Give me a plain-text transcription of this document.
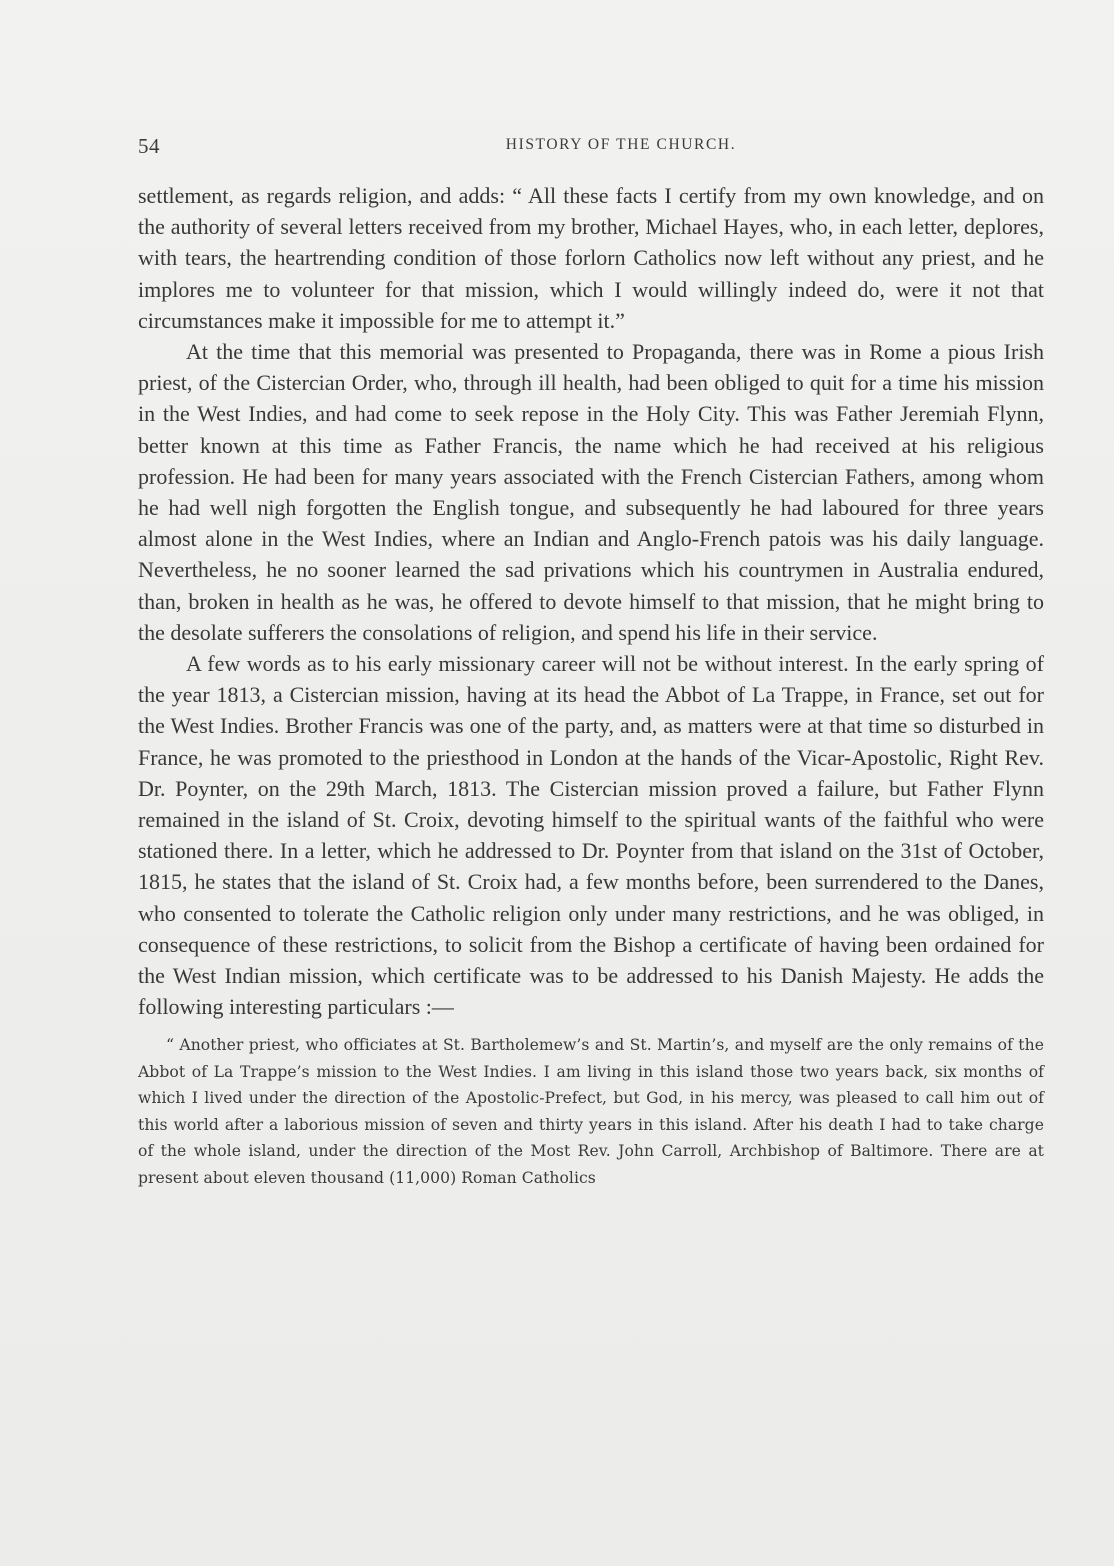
54	HISTORY OF THE CHURCH.

settlement, as regards religion, and adds: “ All these facts I certify from my own knowledge, and on the authority of several letters received from my brother, Michael Hayes, who, in each letter, deplores, with tears, the heartrending condition of those forlorn Catholics now left without any priest, and he implores me to volunteer for that mission, which I would willingly indeed do, were it not that circumstances make it impossible for me to attempt it.”

At the time that this memorial was presented to Propaganda, there was in Rome a pious Irish priest, of the Cistercian Order, who, through ill health, had been obliged to quit for a time his mission in the West Indies, and had come to seek repose in the Holy City. This was Father Jeremiah Flynn, better known at this time as Father Francis, the name which he had received at his religious profession. He had been for many years associated with the French Cistercian Fathers, among whom he had well nigh forgotten the English tongue, and subsequently he had laboured for three years almost alone in the West Indies, where an Indian and Anglo-French patois was his daily language. Nevertheless, he no sooner learned the sad privations which his countrymen in Australia endured, than, broken in health as he was, he offered to devote himself to that mission, that he might bring to the desolate sufferers the consolations of religion, and spend his life in their service.

A few words as to his early missionary career will not be without interest. In the early spring of the year 1813, a Cistercian mission, having at its head the Abbot of La Trappe, in France, set out for the West Indies. Brother Francis was one of the party, and, as matters were at that time so disturbed in France, he was promoted to the priesthood in London at the hands of the Vicar-Apostolic, Right Rev. Dr. Poynter, on the 29th March, 1813. The Cistercian mission proved a failure, but Father Flynn remained in the island of St. Croix, devoting himself to the spiritual wants of the faithful who were stationed there. In a letter, which he addressed to Dr. Poynter from that island on the 31st of October, 1815, he states that the island of St. Croix had, a few months before, been surrendered to the Danes, who consented to tolerate the Catholic religion only under many restrictions, and he was obliged, in consequence of these restrictions, to solicit from the Bishop a certificate of having been ordained for the West Indian mission, which certificate was to be addressed to his Danish Majesty. He adds the following interesting particulars :—

“ Another priest, who officiates at St. Bartholemew’s and St. Martin’s, and myself are the only remains of the Abbot of La Trappe’s mission to the West Indies. I am living in this island those two years back, six months of which I lived under the direction of the Apostolic-Prefect, but God, in his mercy, was pleased to call him out of this world after a laborious mission of seven and thirty years in this island. After his death I had to take charge of the whole island, under the direction of the Most Rev. John Carroll, Archbishop of Baltimore. There are at present about eleven thousand (11,000) Roman Catholics
